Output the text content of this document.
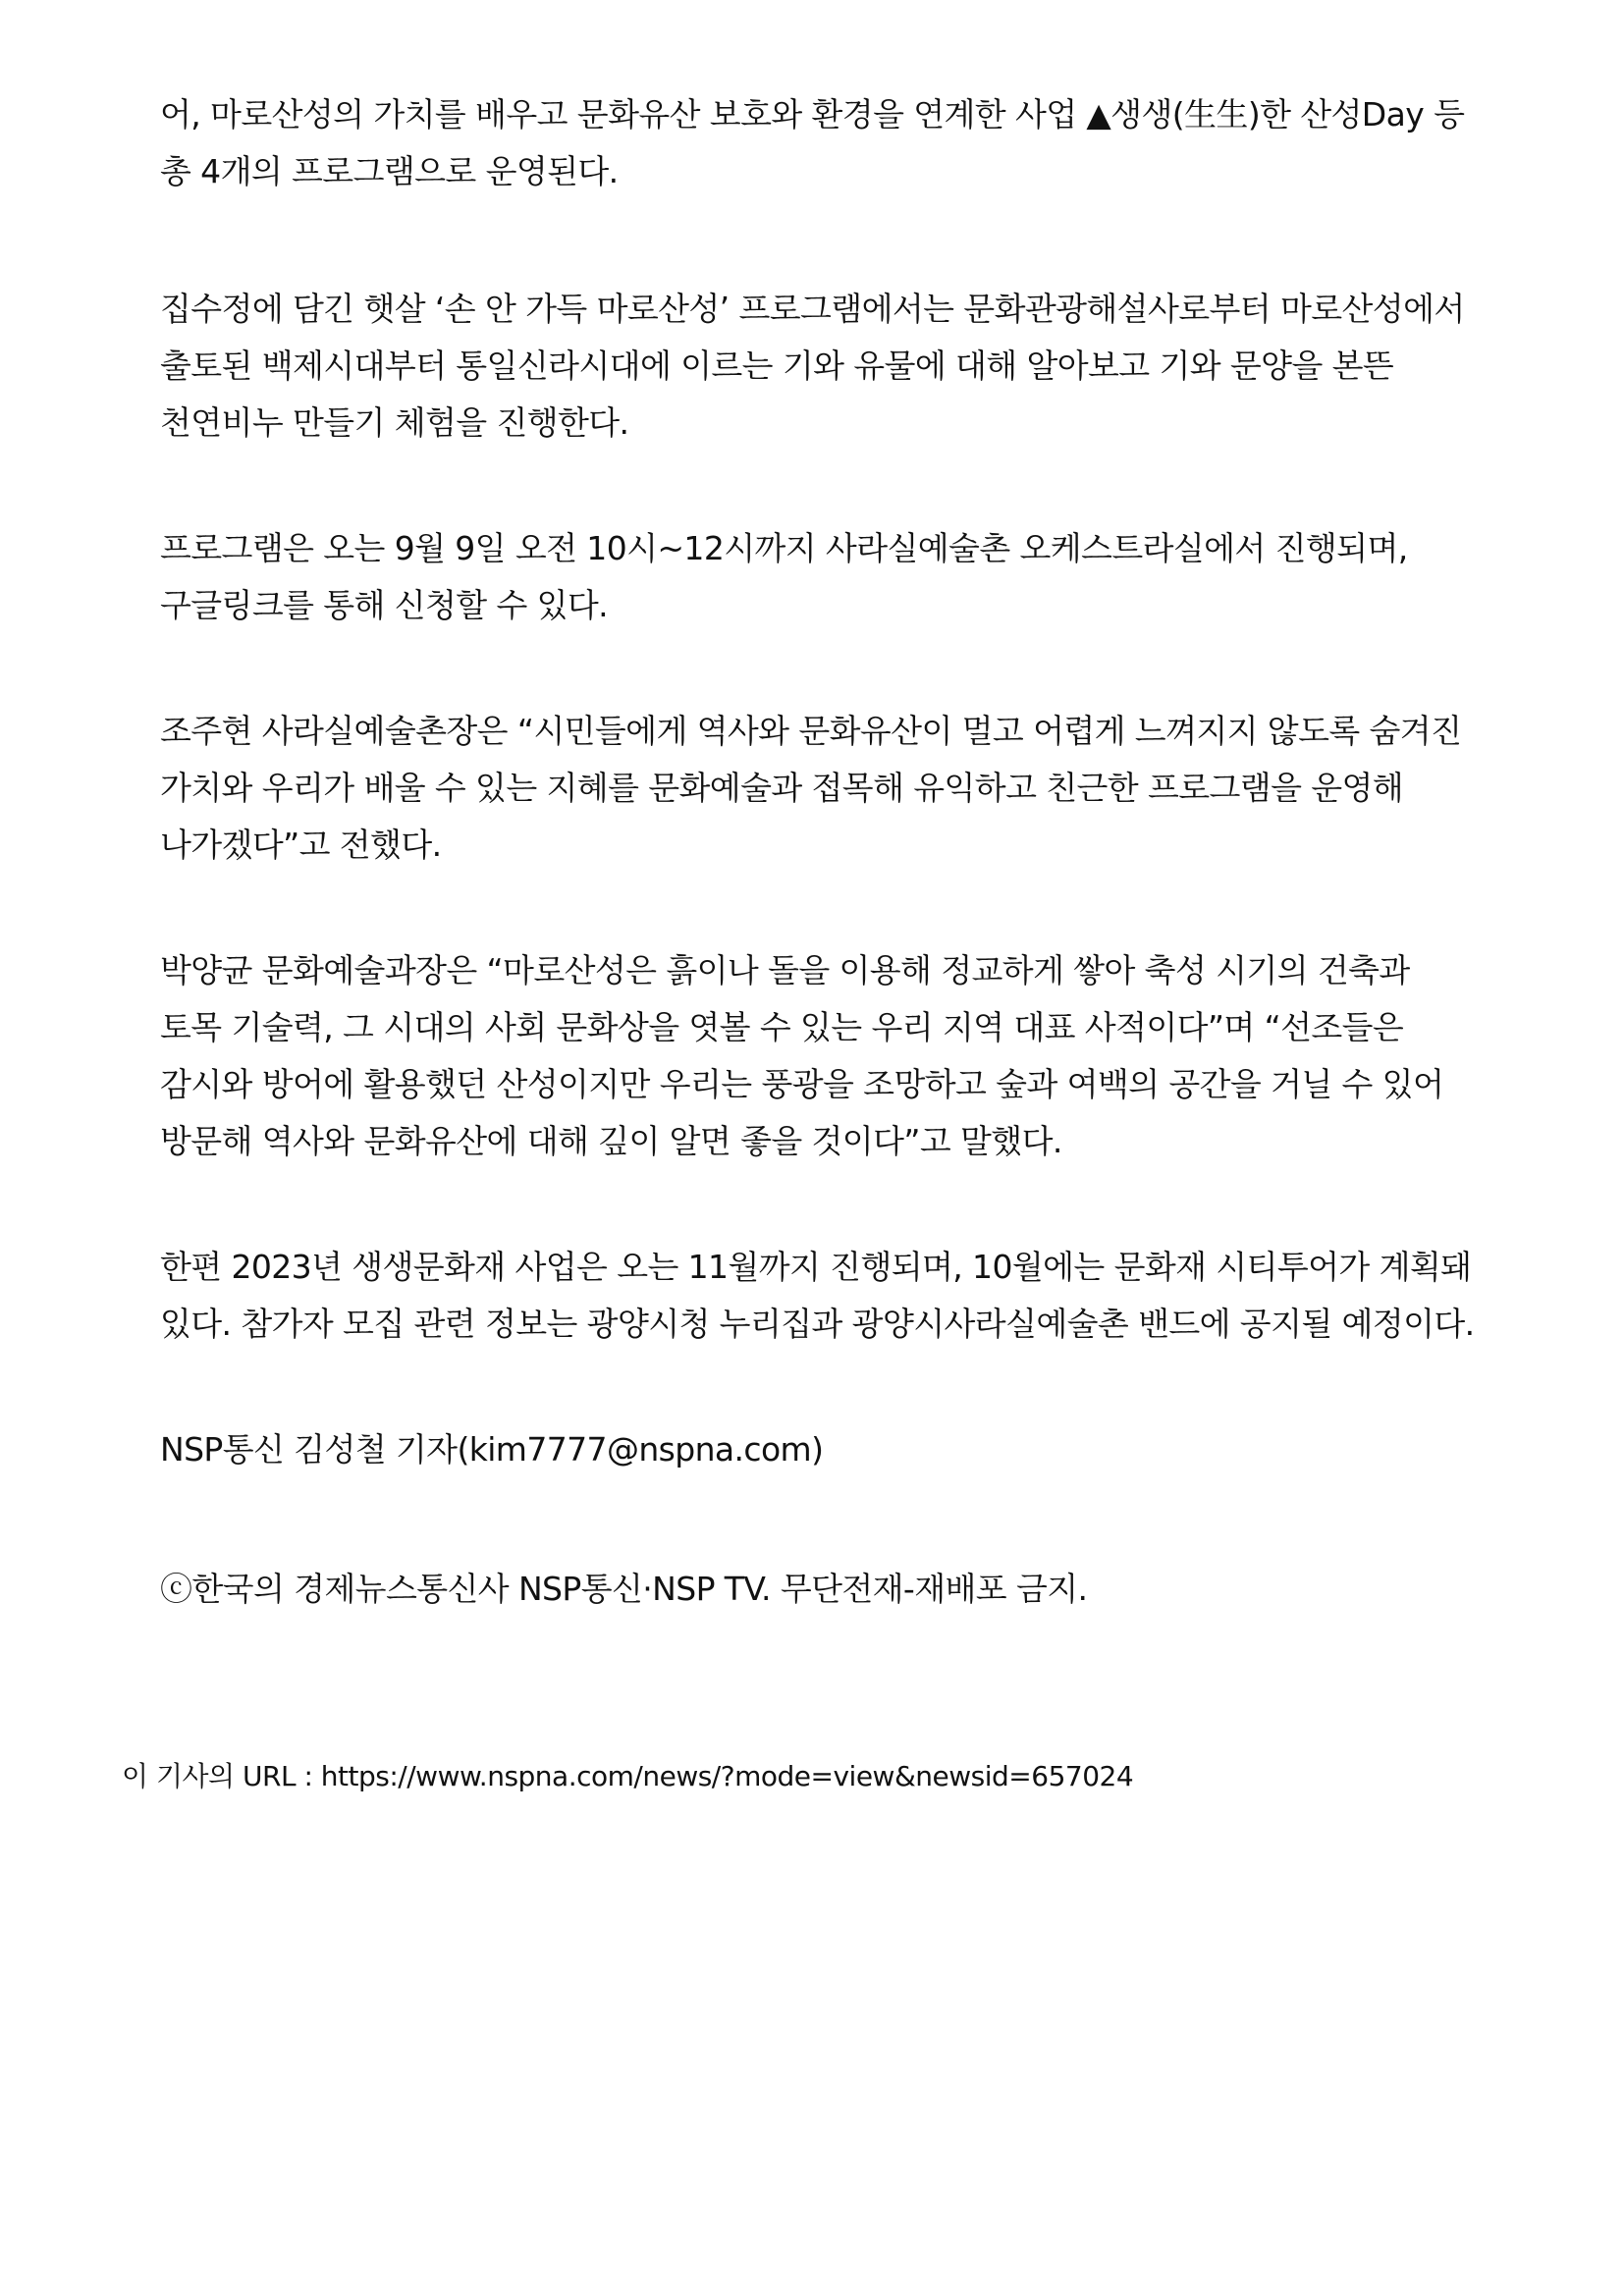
어, 마로산성의 가치를 배우고 문화유산 보호와 환경을 연계한 사업 ▲생생(生生)한 산성Day 등 총 4개의 프로그램으로 운영된다.

집수정에 담긴 햇살 ‘손 안 가득 마로산성’ 프로그램에서는 문화관광해설사로부터 마로산성에서 출토된 백제시대부터 통일신라시대에 이르는 기와 유물에 대해 알아보고 기와 문양을 본뜬 천연비누 만들기 체험을 진행한다.

프로그램은 오는 9월 9일 오전 10시~12시까지 사라실예술촌 오케스트라실에서 진행되며, 구글링크를 통해 신청할 수 있다.

조주현 사라실예술촌장은 “시민들에게 역사와 문화유산이 멀고 어렵게 느껴지지 않도록 숨겨진 가치와 우리가 배울 수 있는 지혜를 문화예술과 접목해 유익하고 친근한 프로그램을 운영해 나가겠다”고 전했다.

박양균 문화예술과장은 “마로산성은 흙이나 돌을 이용해 정교하게 쌓아 축성 시기의 건축과 토목 기술력, 그 시대의 사회 문화상을 엿볼 수 있는 우리 지역 대표 사적이다”며 “선조들은 감시와 방어에 활용했던 산성이지만 우리는 풍광을 조망하고 숲과 여백의 공간을 거닐 수 있어 방문해 역사와 문화유산에 대해 깊이 알면 좋을 것이다”고 말했다.

한편 2023년 생생문화재 사업은 오는 11월까지 진행되며, 10월에는 문화재 시티투어가 계획돼 있다. 참가자 모집 관련 정보는 광양시청 누리집과 광양시사라실예술촌 밴드에 공지될 예정이다.

NSP통신 김성철 기자(kim7777@nspna.com)

ⓒ한국의 경제뉴스통신사 NSP통신·NSP TV. 무단전재-재배포 금지.

이 기사의 URL : https://www.nspna.com/news/?mode=view&newsid=657024
